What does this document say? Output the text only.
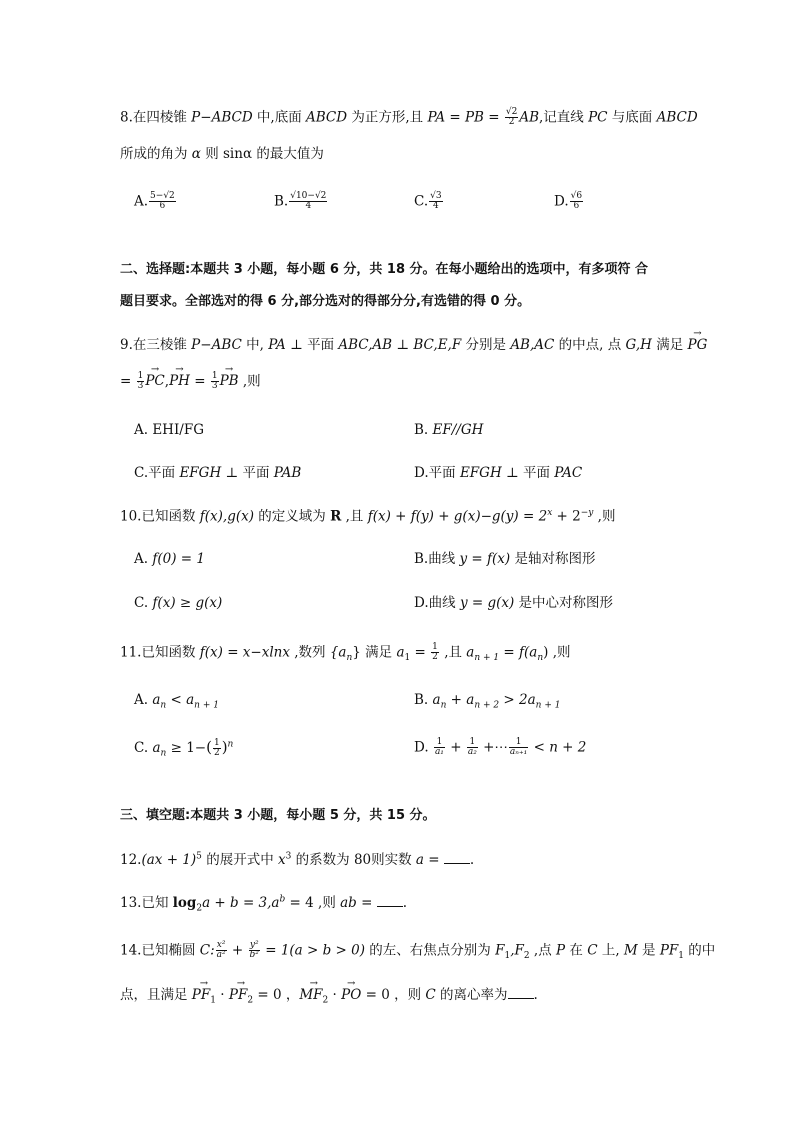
8.在四棱锥 P−ABCD 中,底面 ABCD 为正方形,且 PA = PB = $\frac{√2}{2}$ AB,记直线 PC 与底面 ABCD
所成的角为 α 则 sinα 的最大值为
A. $\frac{5-√2}{6}$	B. $\frac{√10-√2}{4}$	C. $\frac{√3}{4}$	D. $\frac{√6}{6}$
二、选择题:本题共 3 小题，每小题 6 分，共 18 分。在每小题给出的选项中，有多项符 合
题目要求。全部选对的得 6 分,部分选对的得部分分,有选错的得 0 分。
9.在三棱锥 P−ABC 中, PA ⊥ 平面 ABC,AB ⊥ BC,E,F 分别是 AB,AC 的中点, 点 G,H 满足 → PG
= $\frac{1}{3}$
→ PC,→ PH = $\frac{1}{3}$
→ PB ,则
A. EHI/FG	B. EF//GH
C.平面 EFGH ⊥ 平面 PAB	D.平面 EFGH ⊥ 平面 PAC
10.已知函数 f(x),g(x) 的定义域为 R ,且 $f(x) + f(y) + g(x)-g(y) = 2^x + 2^{-y}$ ,则
A. f(0) = 1	B.曲线 y = f(x) 是轴对称图形
C. f(x) ≥ g(x)	D.曲线 y = g(x) 是中心对称图形
11.已知函数 f(x) = x−xlnx ,数列 $\{a_n\}$ 满足 $a_1 = \frac{1}{2}$ ,且 $a_{n + 1} = f(a_n)$ ,则
A. $a_n < a_{n + 1}$	B. $a_n + a_{n + 2} > 2a_{n + 1}$
C. $a_n \ge 1-( \frac{1}{2} )^n$	D. $\frac{1}{\text{a₁}} + \frac{1}{\text{a₂}}$ +⋯ $\frac{1}{\text{aₙ₊₁}} < n + 2$
三、填空题:本题共 3 小题，每小题 5 分，共 15 分。
12.(ax + 1)$^5$ 的展开式中 $x^3$ 的系数为 80则实数 a = .
13.已知 $\log_2a + b = 3,a^b = 4$ ,则 ab = .
14.已知椭圆 C: $\frac{\text{x²}}{\text{a²}} + \frac{\text{y²}}{\text{b²}} = 1(a > b > 0)$ 的左、右焦点分别为 $F_1,F_2$ ,点 P 在 C 上, M 是 $PF_1$ 的中
点，且满足 → $PF_1$ · → $PF_2 = 0$ ，→ $MF_2$ · → PO = 0 ，则 C 的离心率为 .
